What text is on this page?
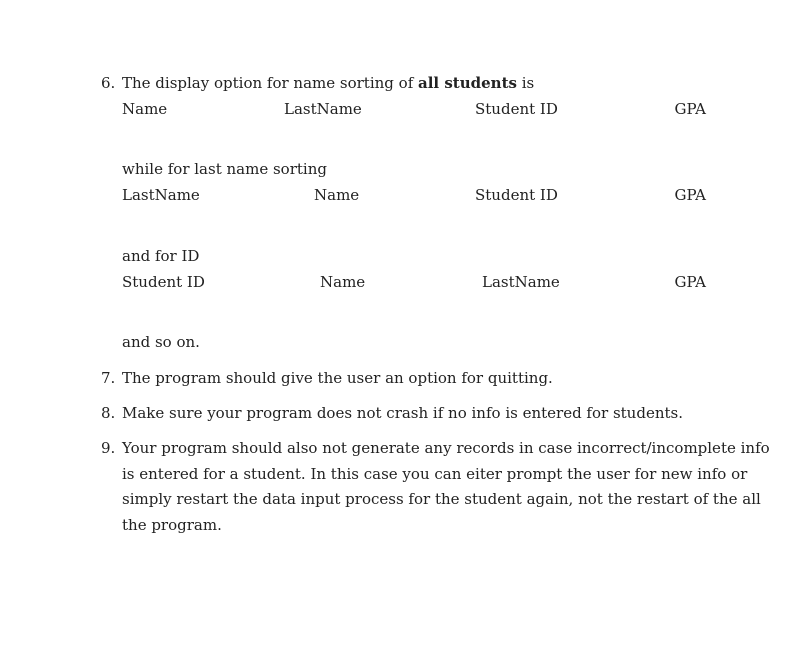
6. The display option for name sorting of all students is
Name	LastName	Student ID	GPA
while for last name sorting
LastName	Name	Student ID	GPA
and for ID
Student ID	Name	LastName	GPA
and so on.
7. The program should give the user an option for quitting.
8. Make sure your program does not crash if no info is entered for students.
9. Your program should also not generate any records in case incorrect/incomplete info
is entered for a student. In this case you can eiter prompt the user for new info or
simply restart the data input process for the student again, not the restart of the all
the program.
